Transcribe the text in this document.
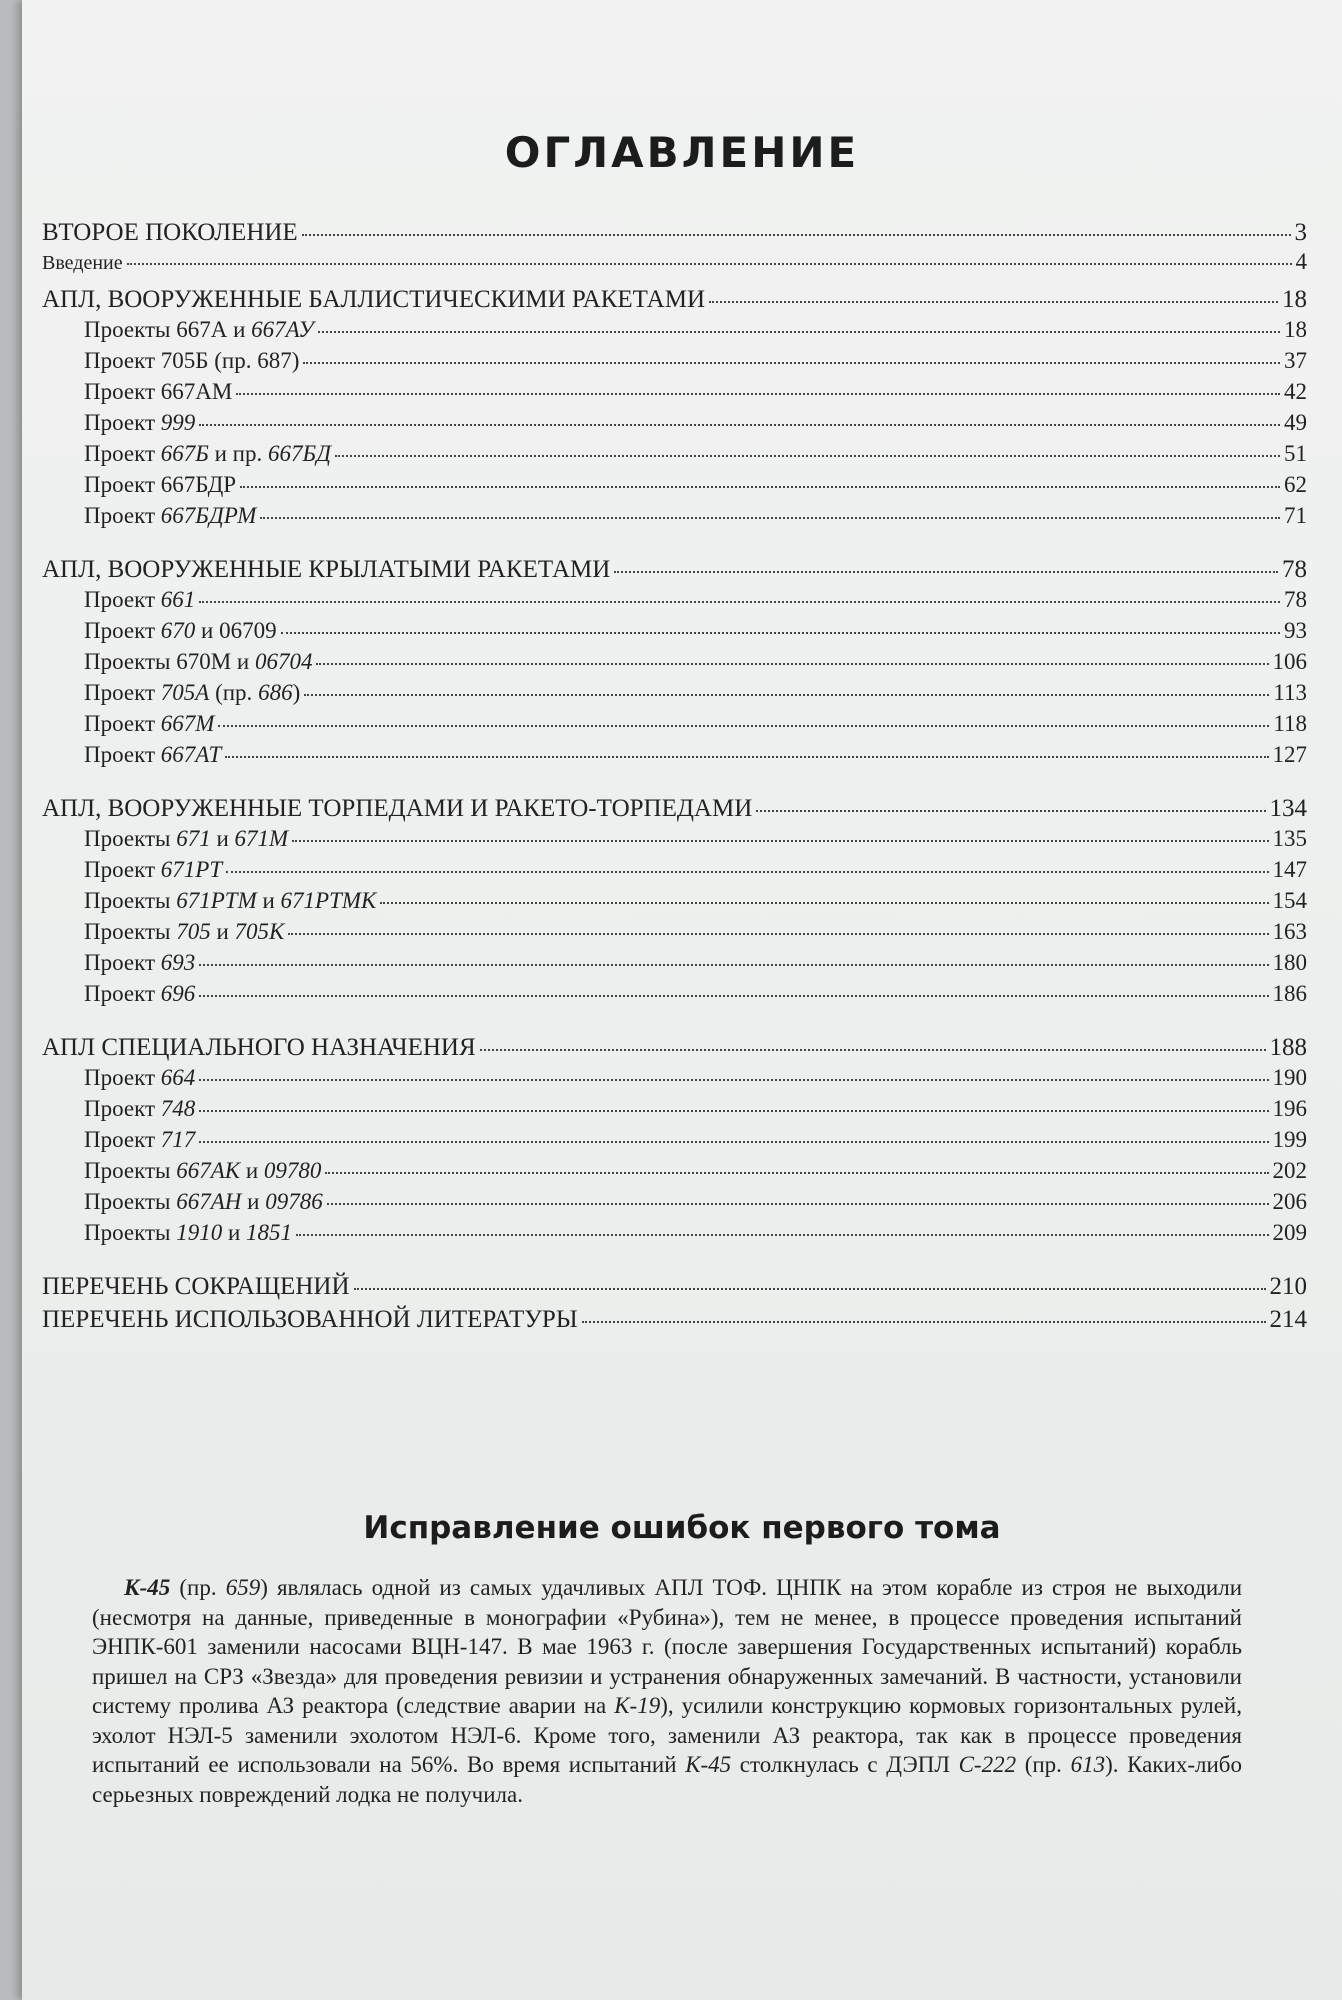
ОГЛАВЛЕНИЕ
ВТОРОЕ ПОКОЛЕНИЕ	3
Введение	4
АПЛ, ВООРУЖЕННЫЕ БАЛЛИСТИЧЕСКИМИ РАКЕТАМИ	18
Проекты 667А и 667АУ	18
Проект 705Б (пр. 687)	37
Проект 667АМ	42
Проект 999	49
Проект 667Б и пр. 667БД	51
Проект 667БДР	62
Проект 667БДРМ	71
АПЛ, ВООРУЖЕННЫЕ КРЫЛАТЫМИ РАКЕТАМИ	78
Проект 661	78
Проект 670 и 06709	93
Проекты 670М и 06704	106
Проект 705А (пр. 686)	113
Проект 667М	118
Проект 667АТ	127
АПЛ, ВООРУЖЕННЫЕ ТОРПЕДАМИ И РАКЕТО-ТОРПЕДАМИ	134
Проекты 671 и 671М	135
Проект 671РТ	147
Проекты 671РТМ и 671РТМК	154
Проекты 705 и 705К	163
Проект 693	180
Проект 696	186
АПЛ СПЕЦИАЛЬНОГО НАЗНАЧЕНИЯ	188
Проект 664	190
Проект 748	196
Проект 717	199
Проекты 667АК и 09780	202
Проекты 667АН и 09786	206
Проекты 1910 и 1851	209
ПЕРЕЧЕНЬ СОКРАЩЕНИЙ	210
ПЕРЕЧЕНЬ ИСПОЛЬЗОВАННОЙ ЛИТЕРАТУРЫ	214
Исправление ошибок первого тома
К-45 (пр. 659) являлась одной из самых удачливых АПЛ ТОФ. ЦНПК на этом корабле из строя не выходили (несмотря на данные, приведенные в монографии «Рубина»), тем не менее, в процессе проведения испытаний ЭНПК-601 заменили насосами ВЦН-147. В мае 1963 г. (после завершения Государственных испытаний) корабль пришел на СРЗ «Звезда» для проведения ревизии и устранения обнаруженных замечаний. В частности, установили систему пролива АЗ реактора (следствие аварии на К-19), усилили конструкцию кормовых горизонтальных рулей, эхолот НЭЛ-5 заменили эхолотом НЭЛ-6. Кроме того, заменили АЗ реактора, так как в процессе проведения испытаний ее использовали на 56%. Во время испытаний К-45 столкнулась с ДЭПЛ С-222 (пр. 613). Каких-либо серьезных повреждений лодка не получила.
